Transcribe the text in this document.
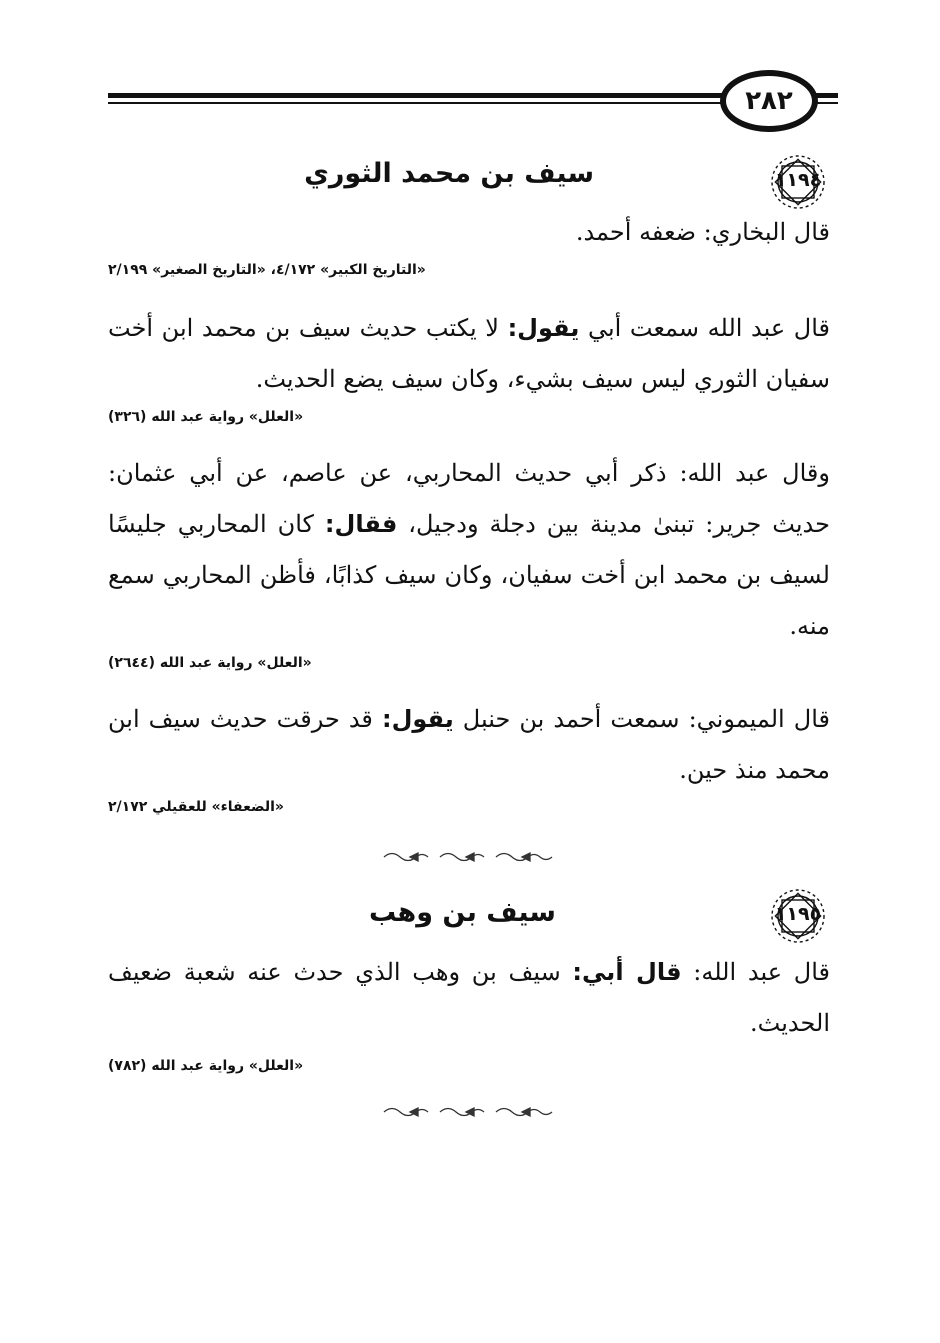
٢٨٢
١١٩٤
سيف بن محمد الثوري
قال البخاري: ضعفه أحمد.
«التاريخ الكبير» ٤/١٧٢، «التاريخ الصغير» ٢/١٩٩
قال عبد الله سمعت أبي يقول: لا يكتب حديث سيف بن محمد ابن أخت سفيان الثوري ليس سيف بشيء، وكان سيف يضع الحديث.
«العلل» رواية عبد الله (٣٢٦)
وقال عبد الله: ذكر أبي حديث المحاربي، عن عاصم، عن أبي عثمان: حديث جرير: تبنىٰ مدينة بين دجلة ودجيل، فقال: كان المحاربي جليسًا لسيف بن محمد ابن أخت سفيان، وكان سيف كذابًا، فأظن المحاربي سمع منه.
«العلل» رواية عبد الله (٢٦٤٤)
قال الميموني: سمعت أحمد بن حنبل يقول: قد حرقت حديث سيف ابن محمد منذ حين.
«الضعفاء» للعقيلي ٢/١٧٢
١١٩٥
سيف بن وهب
قال عبد الله: قال أبي: سيف بن وهب الذي حدث عنه شعبة ضعيف الحديث.
«العلل» رواية عبد الله (٧٨٢)
